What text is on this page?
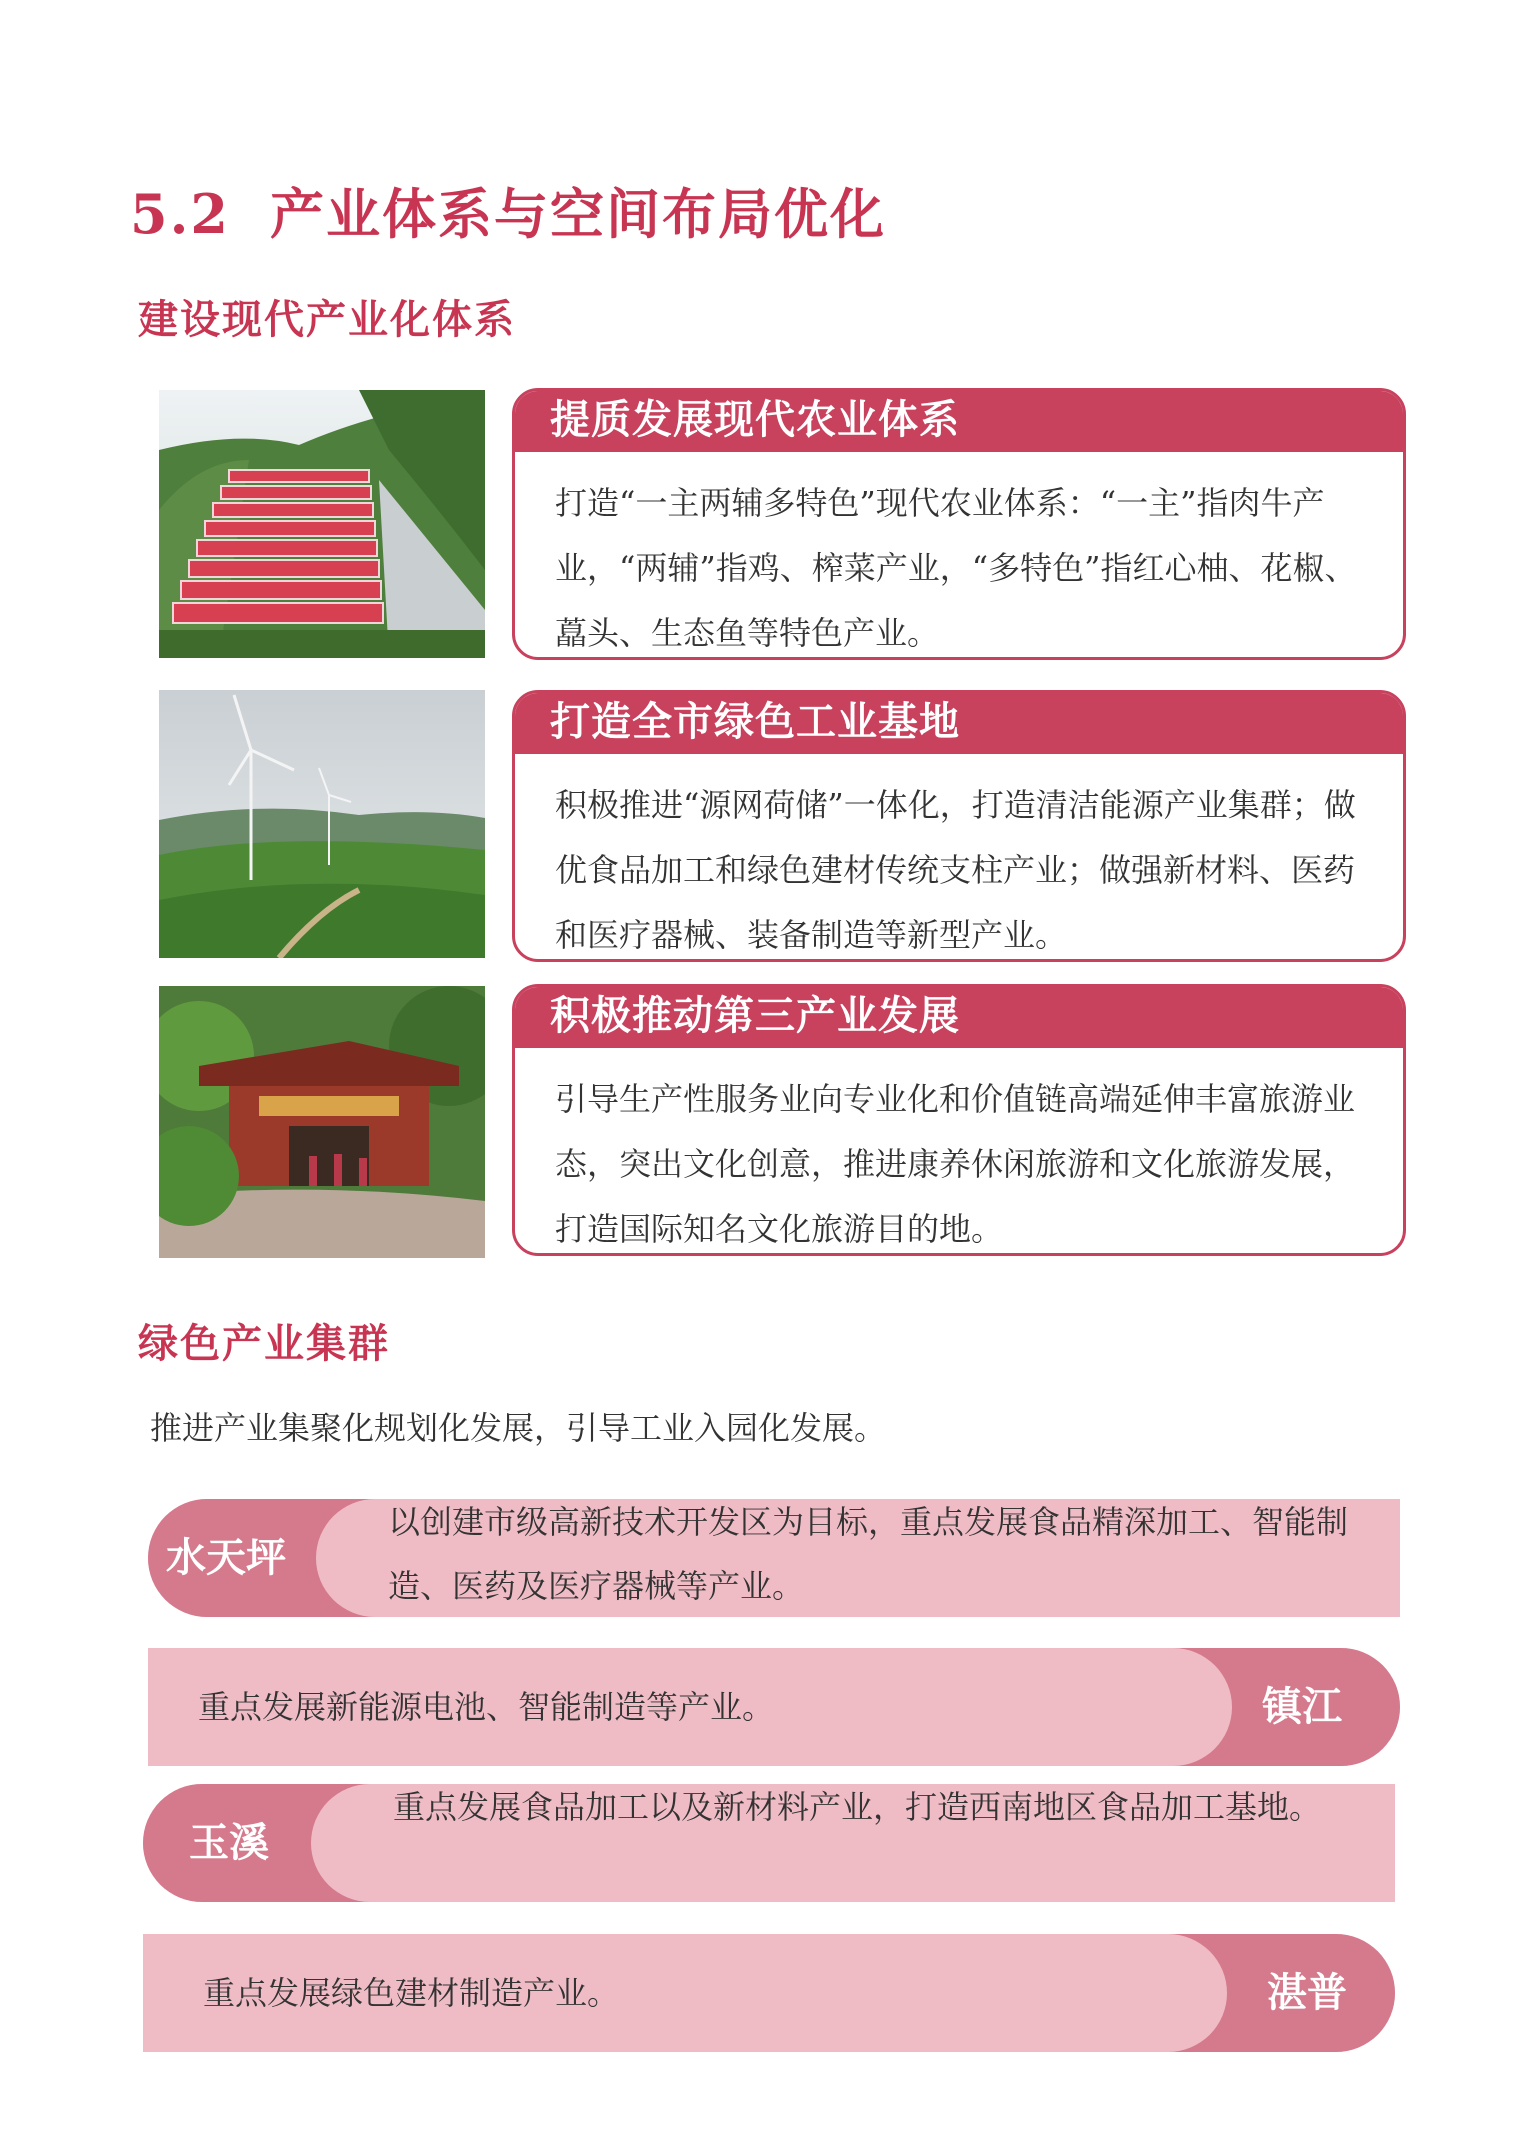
5.2 产业体系与空间布局优化
建设现代产业化体系
提质发展现代农业体系
打造“一主两辅多特色”现代农业体系：“一主”指肉牛产业，“两辅”指鸡、榨菜产业，“多特色”指红心柚、花椒、藠头、生态鱼等特色产业。
打造全市绿色工业基地
积极推进“源网荷储”一体化，打造清洁能源产业集群；做优食品加工和绿色建材传统支柱产业；做强新材料、医药和医疗器械、装备制造等新型产业。
积极推动第三产业发展
引导生产性服务业向专业化和价值链高端延伸丰富旅游业态，突出文化创意，推进康养休闲旅游和文化旅游发展，打造国际知名文化旅游目的地。
绿色产业集群
推进产业集聚化规划化发展，引导工业入园化发展。
水天坪
以创建市级高新技术开发区为目标，重点发展食品精深加工、智能制造、医药及医疗器械等产业。
镇江
重点发展新能源电池、智能制造等产业。
玉溪
重点发展食品加工以及新材料产业，打造西南地区食品加工基地。
湛普
重点发展绿色建材制造产业。
